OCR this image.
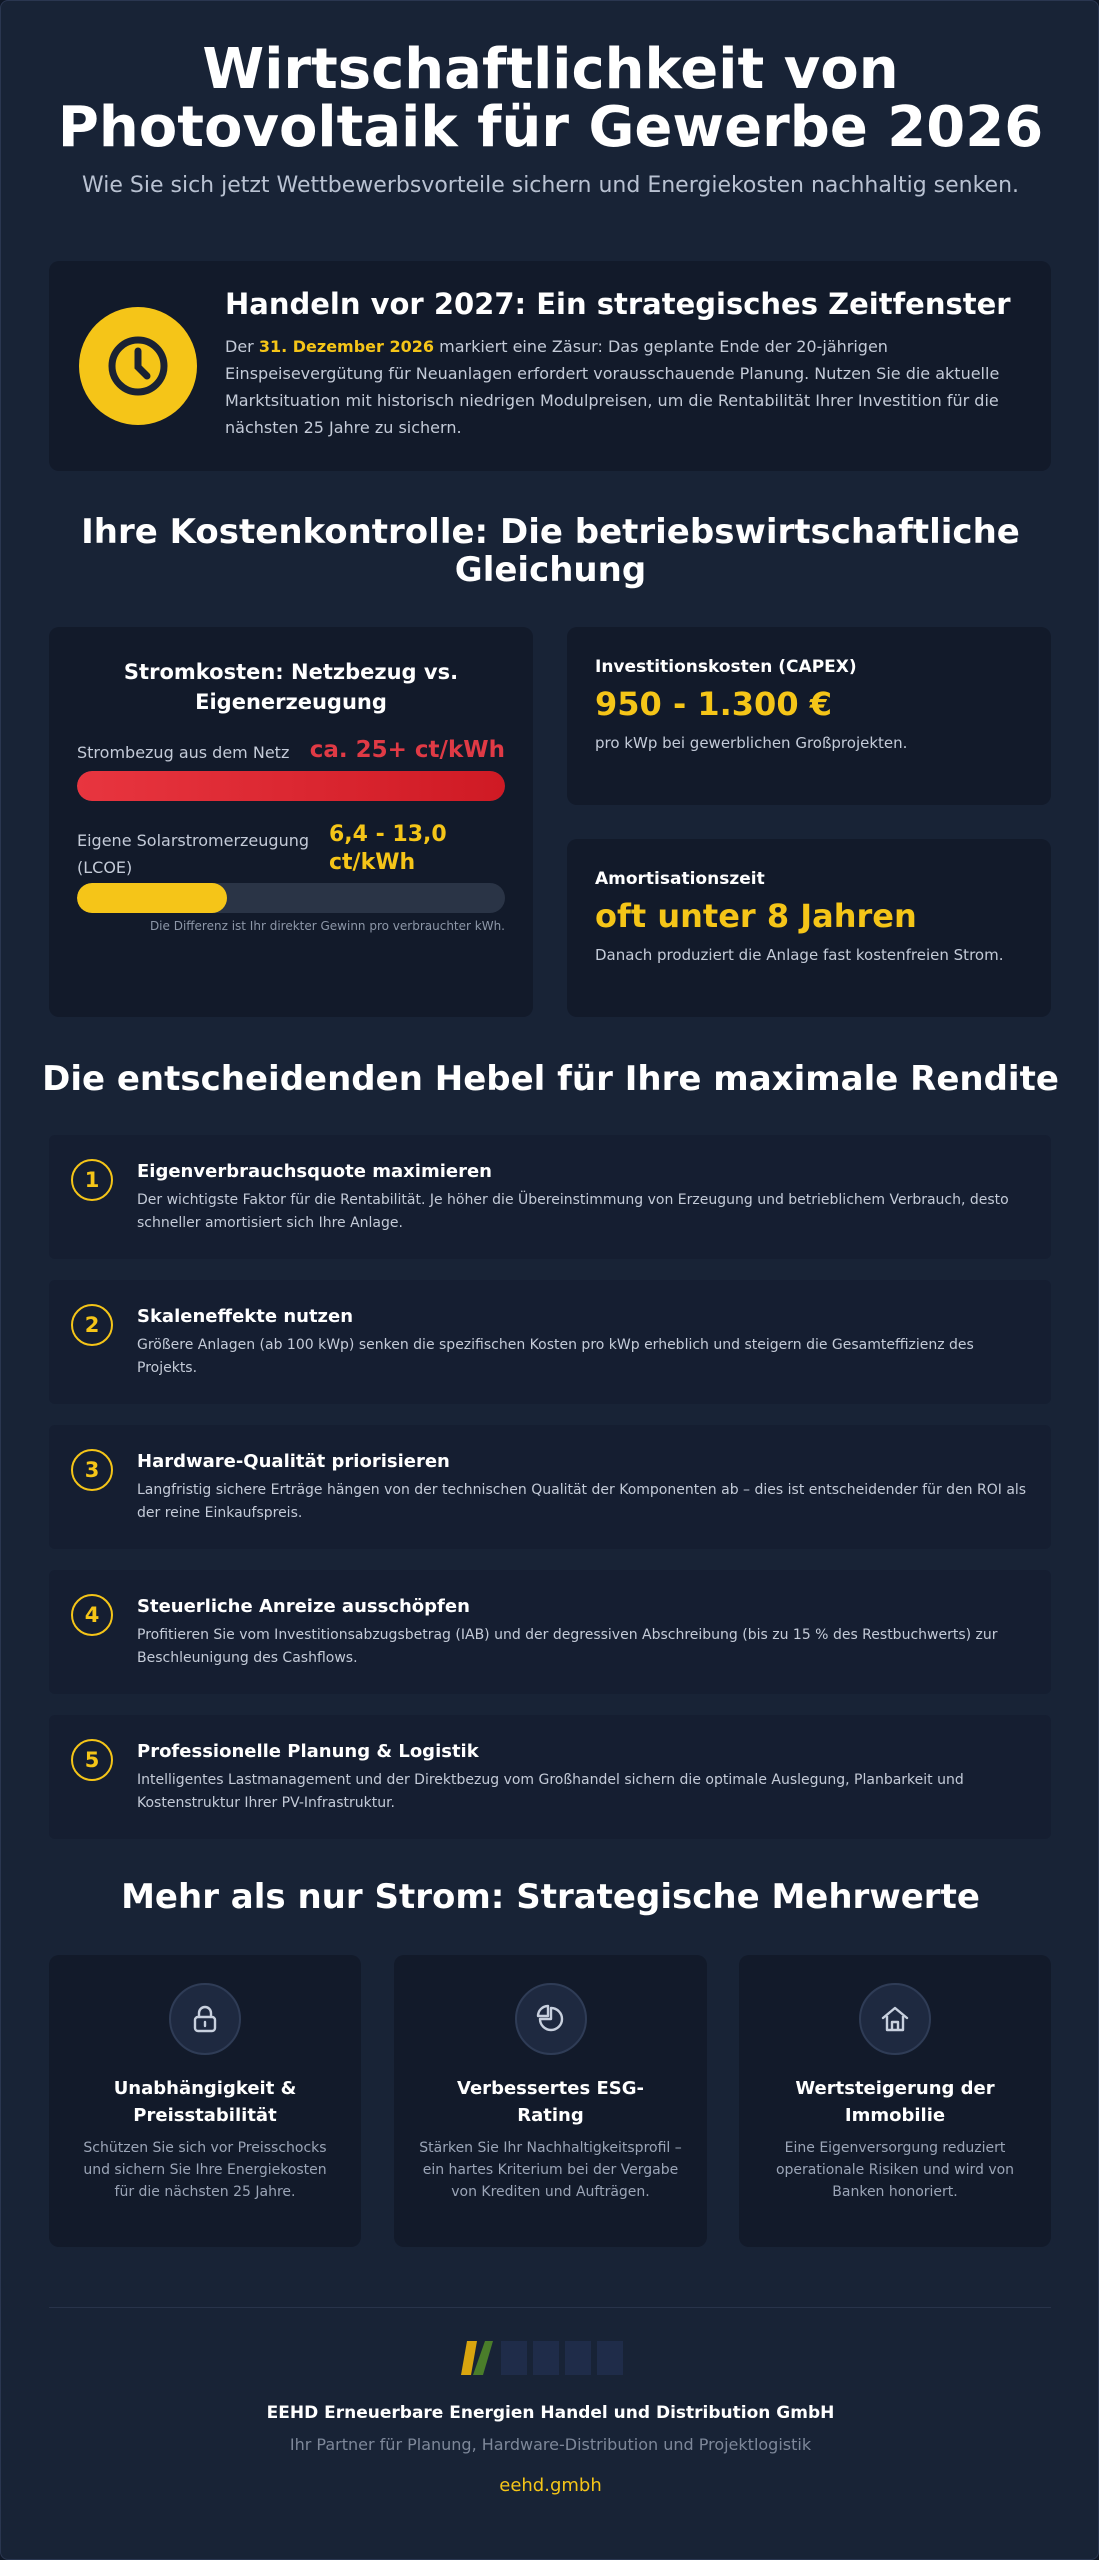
Wirtschaftlichkeit von
Photovoltaik für Gewerbe 2026
Wie Sie sich jetzt Wettbewerbsvorteile sichern und Energiekosten nachhaltig senken.
Handeln vor 2027: Ein strategisches Zeitfenster
Der 31. Dezember 2026 markiert eine Zäsur: Das geplante Ende der 20-jährigen Einspeisevergütung für Neuanlagen erfordert vorausschauende Planung. Nutzen Sie die aktuelle Marktsituation mit historisch niedrigen Modulpreisen, um die Rentabilität Ihrer Investition für die nächsten 25 Jahre zu sichern.
Ihre Kostenkontrolle: Die betriebswirtschaftliche
Gleichung
Stromkosten: Netzbezug vs.
Eigenerzeugung
Strombezug aus dem Netz ca. 25+ ct/kWh
Eigene Solarstromerzeugung
(LCOE)
6,4 - 13,0
ct/kWh
Die Differenz ist Ihr direkter Gewinn pro verbrauchter kWh.
Investitionskosten (CAPEX)
950 - 1.300 €
pro kWp bei gewerblichen Großprojekten.
Amortisationszeit
oft unter 8 Jahren
Danach produziert die Anlage fast kostenfreien Strom.
Die entscheidenden Hebel für Ihre maximale Rendite
1	Eigenverbrauchsquote maximieren
Der wichtigste Faktor für die Rentabilität. Je höher die Übereinstimmung von Erzeugung und betrieblichem Verbrauch, desto schneller amortisiert sich Ihre Anlage.
2	Skaleneffekte nutzen
Größere Anlagen (ab 100 kWp) senken die spezifischen Kosten pro kWp erheblich und steigern die Gesamteffizienz des Projekts.
3	Hardware-Qualität priorisieren
Langfristig sichere Erträge hängen von der technischen Qualität der Komponenten ab – dies ist entscheidender für den ROI als der reine Einkaufspreis.
4	Steuerliche Anreize ausschöpfen
Profitieren Sie vom Investitionsabzugsbetrag (IAB) und der degressiven Abschreibung (bis zu 15 % des Restbuchwerts) zur Beschleunigung des Cashflows.
5	Professionelle Planung & Logistik
Intelligentes Lastmanagement und der Direktbezug vom Großhandel sichern die optimale Auslegung, Planbarkeit und Kostenstruktur Ihrer PV-Infrastruktur.
Mehr als nur Strom: Strategische Mehrwerte
Unabhängigkeit &
Preisstabilität
Schützen Sie sich vor Preisschocks und sichern Sie Ihre Energiekosten für die nächsten 25 Jahre.
Verbessertes ESG-
Rating
Stärken Sie Ihr Nachhaltigkeitsprofil – ein hartes Kriterium bei der Vergabe von Krediten und Aufträgen.
Wertsteigerung der
Immobilie
Eine Eigenversorgung reduziert operationale Risiken und wird von Banken honoriert.
EEHD Erneuerbare Energien Handel und Distribution GmbH
Ihr Partner für Planung, Hardware-Distribution und Projektlogistik
eehd.gmbh
